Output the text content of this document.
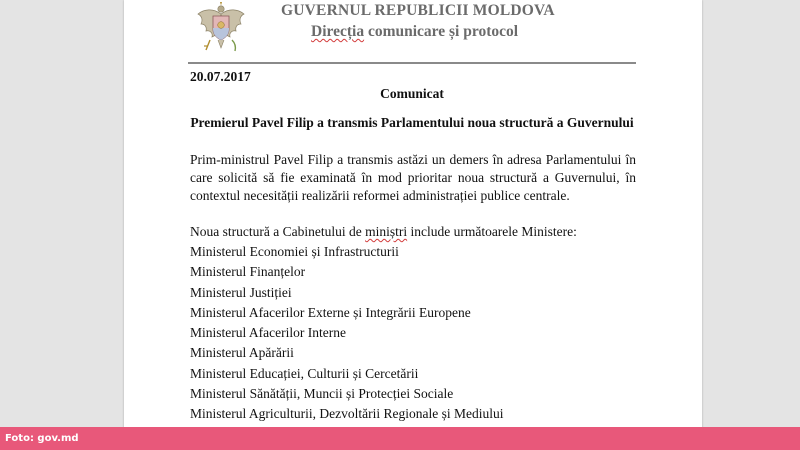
GUVERNUL REPUBLICII MOLDOVA
Direcția comunicare și protocol
20.07.2017
Comunicat
Premierul Pavel Filip a transmis Parlamentului noua structură a Guvernului

Prim-ministrul Pavel Filip a transmis astăzi un demers în adresa Parlamentului în care solicită să fie examinată în mod prioritar noua structură a Guvernului, în contextul necesității realizării reformei administrației publice centrale.

Noua structură a Cabinetului de miniștri include următoarele Ministere:
Ministerul Economiei și Infrastructurii
Ministerul Finanțelor
Ministerul Justiției
Ministerul Afacerilor Externe și Integrării Europene
Ministerul Afacerilor Interne
Ministerul Apărării
Ministerul Educației, Culturii și Cercetării
Ministerul Sănătății, Muncii și Protecției Sociale
Ministerul Agriculturii, Dezvoltării Regionale și Mediului
Foto: gov.md
